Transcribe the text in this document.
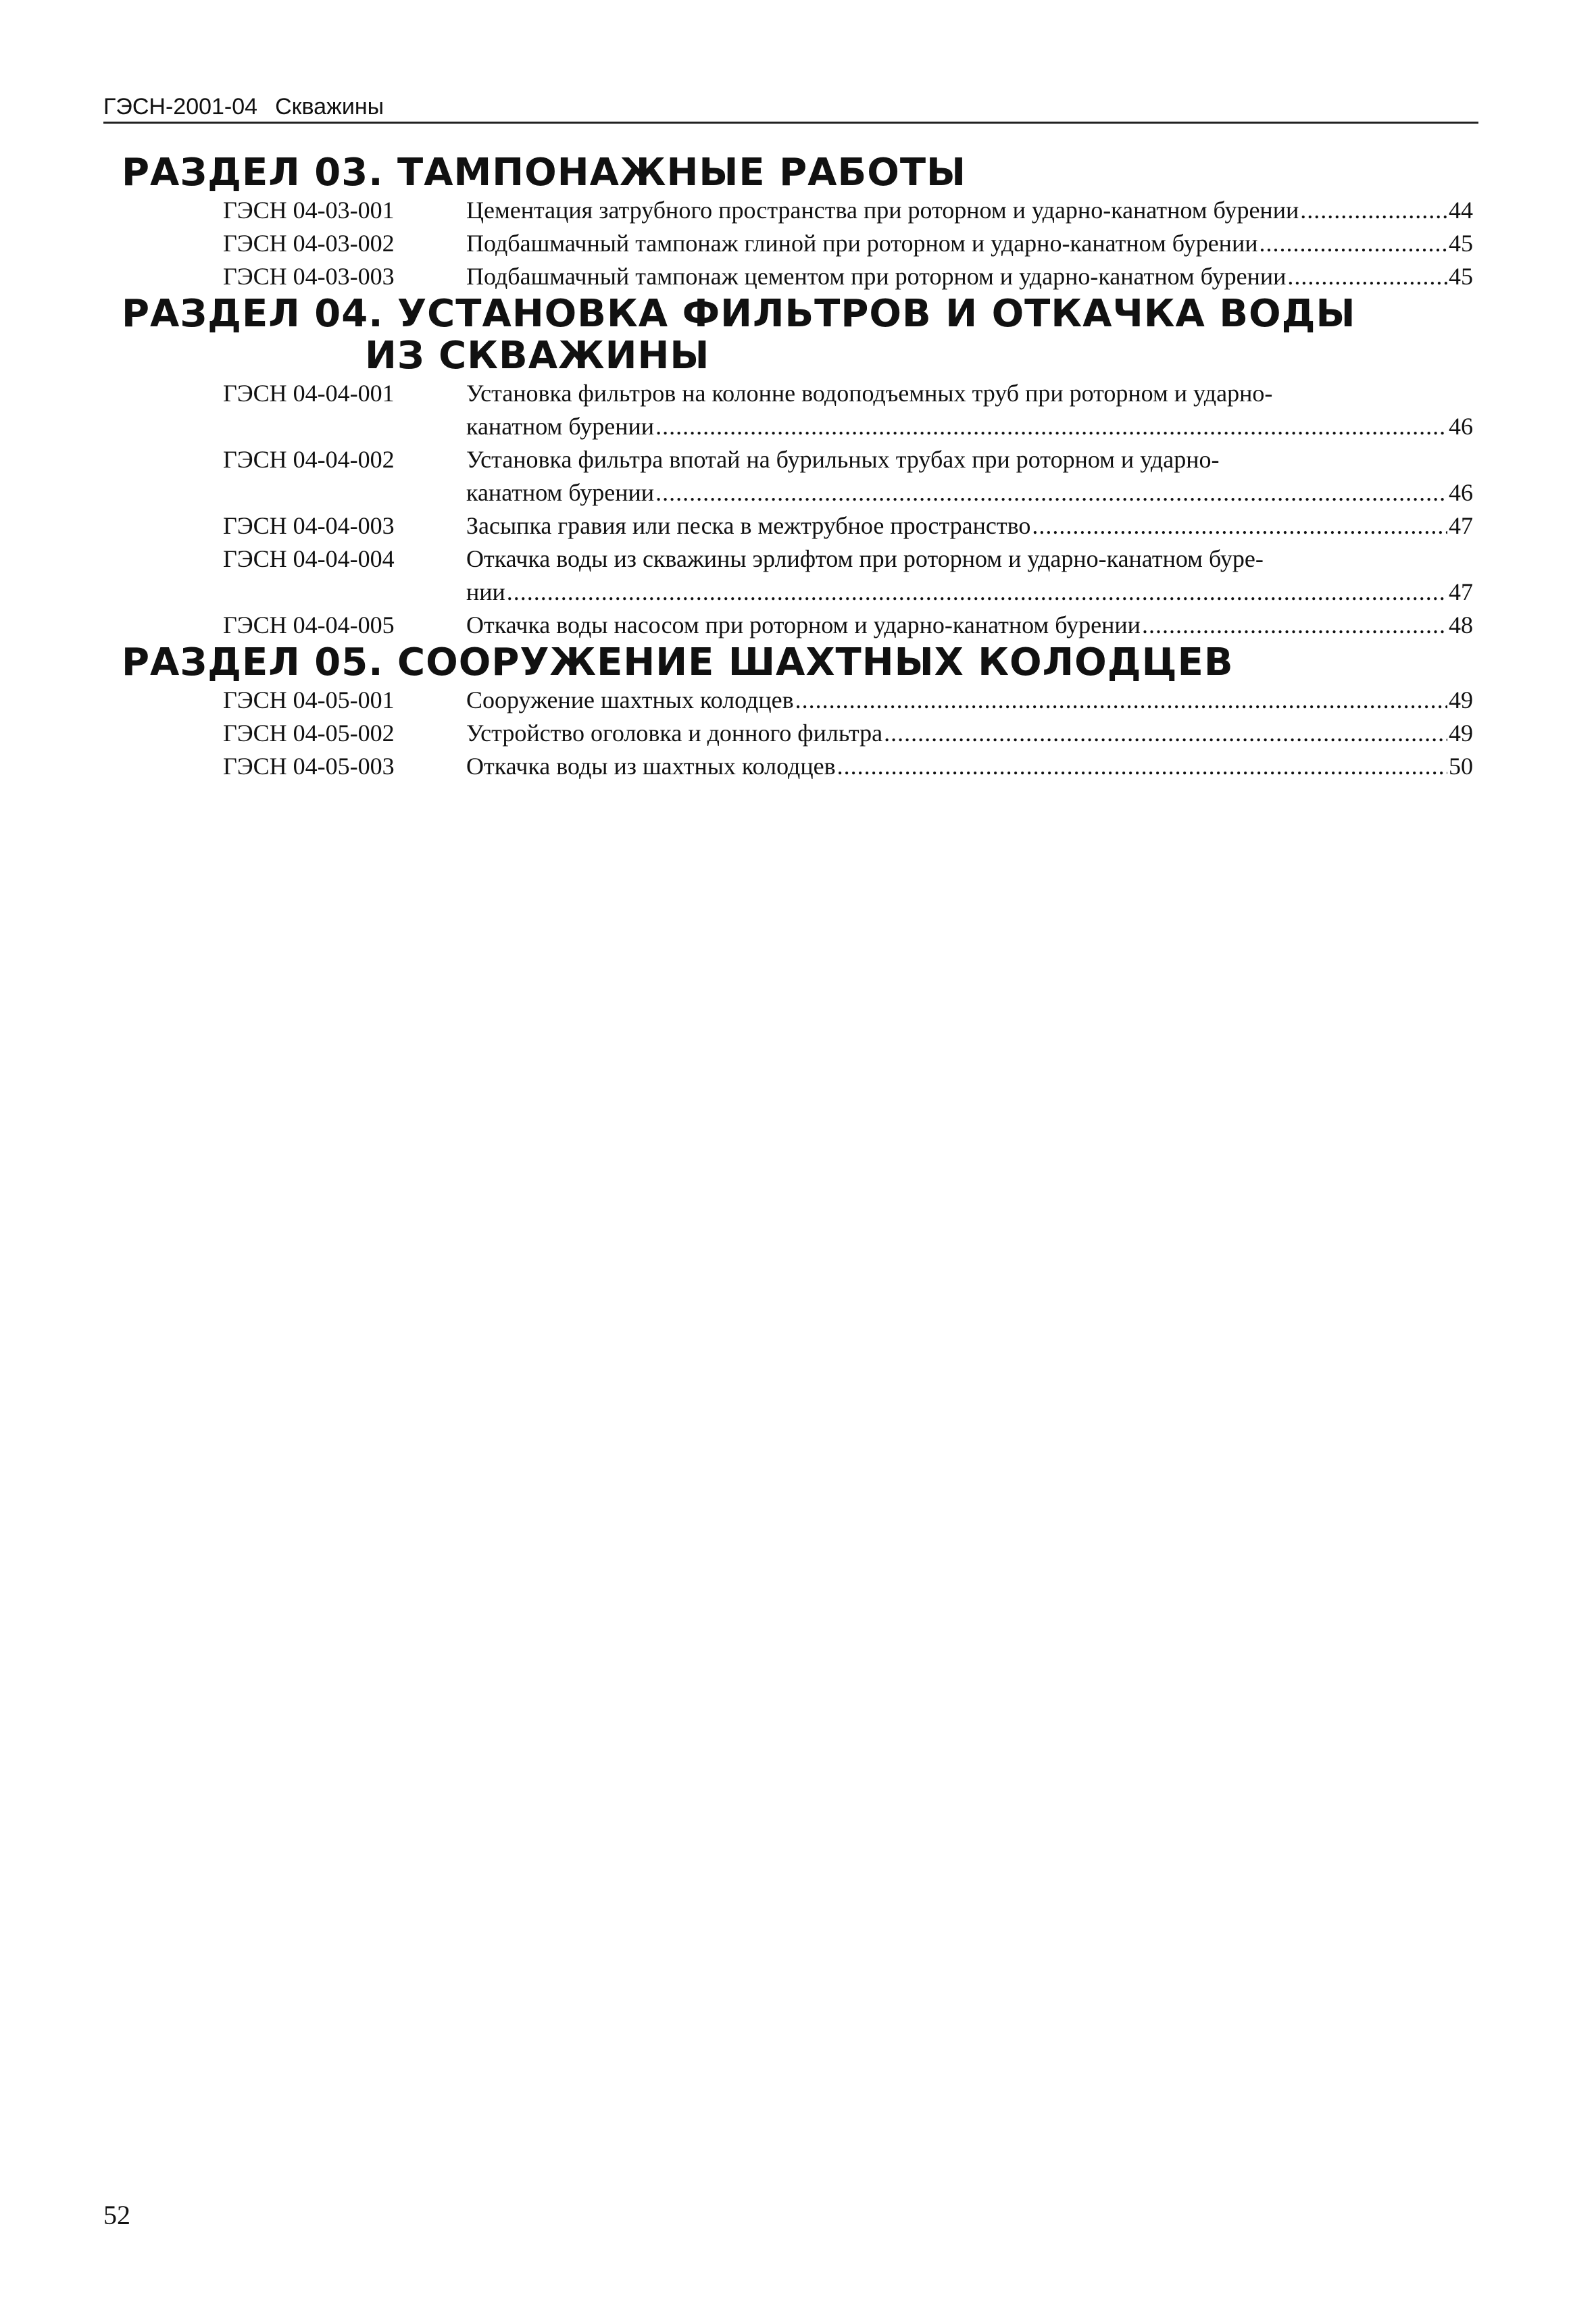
ГЭСН-2001-04 Скважины
РАЗДЕЛ 03. ТАМПОНАЖНЫЕ РАБОТЫ
ГЭСН 04-03-001	Цементация затрубного пространства при роторном и ударно-канатном бурении .....	44
ГЭСН 04-03-002	Подбашмачный тампонаж глиной при роторном и ударно-канатном бурении .....	45
ГЭСН 04-03-003	Подбашмачный тампонаж цементом при роторном и ударно-канатном бурении .....	45
РАЗДЕЛ 04. УСТАНОВКА ФИЛЬТРОВ И ОТКАЧКА ВОДЫ
ИЗ СКВАЖИНЫ
ГЭСН 04-04-001	Установка фильтров на колонне водоподъемных труб при роторном и ударно-
канатном бурении .....	46
ГЭСН 04-04-002	Установка фильтра впотай на бурильных трубах при роторном и ударно-
канатном бурении .....	46
ГЭСН 04-04-003	Засыпка гравия или песка в межтрубное пространство .....	47
ГЭСН 04-04-004	Откачка воды из скважины эрлифтом при роторном и ударно-канатном буре-
нии .....	47
ГЭСН 04-04-005	Откачка воды насосом при роторном и ударно-канатном бурении .....	48
РАЗДЕЛ 05. СООРУЖЕНИЕ ШАХТНЫХ КОЛОДЦЕВ
ГЭСН 04-05-001	Сооружение шахтных колодцев .....	49
ГЭСН 04-05-002	Устройство оголовка и донного фильтра .....	49
ГЭСН 04-05-003	Откачка воды из шахтных колодцев .....	50
52
